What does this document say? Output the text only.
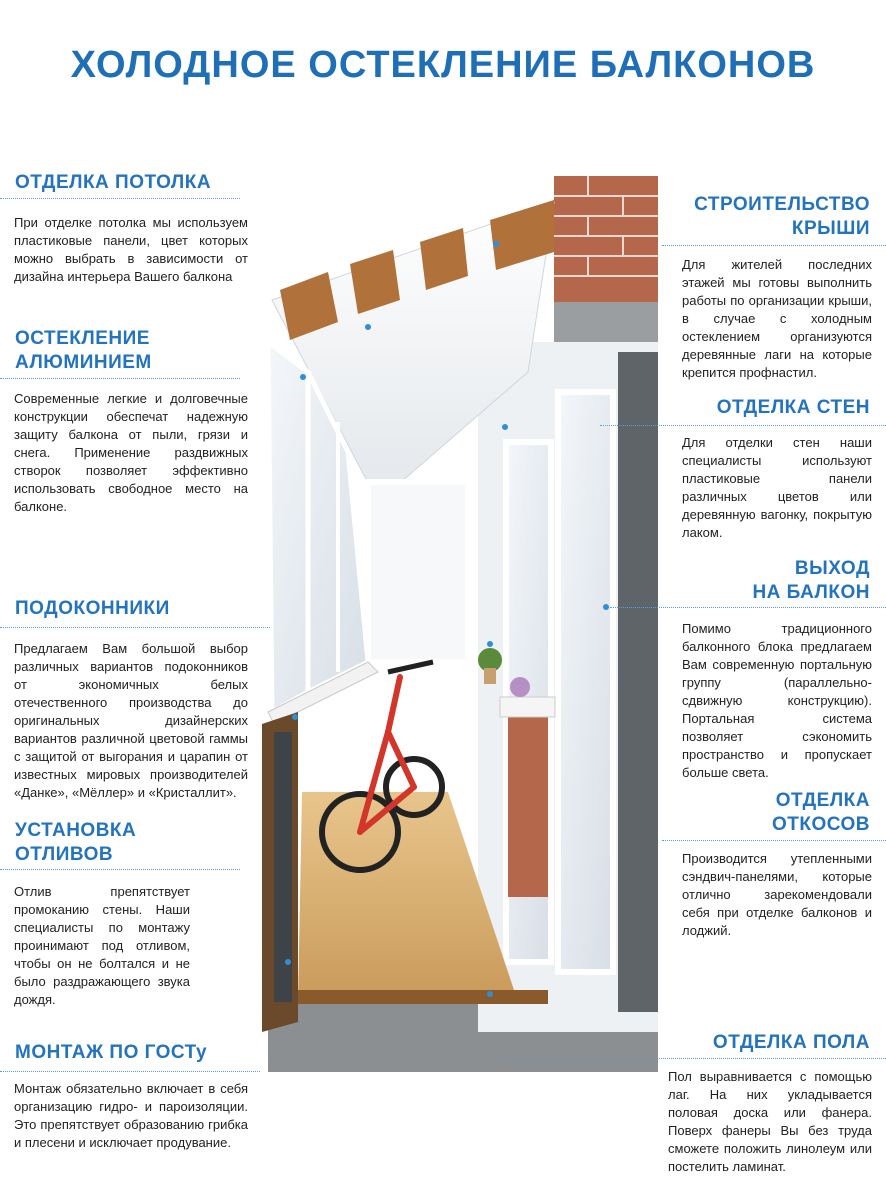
ХОЛОДНОЕ ОСТЕКЛЕНИЕ БАЛКОНОВ
ОТДЕЛКА ПОТОЛКА
При отделке потолка мы используем пластиковые панели, цвет которых можно выбрать в зависимости от дизайна интерьера Вашего балкона
ОСТЕКЛЕНИЕ
АЛЮМИНИЕМ
Современные легкие и долговечные конструкции обеспечат надежную защиту балкона от пыли, грязи и снега. Применение раздвижных створок позволяет эффективно использовать свободное место на балконе.
ПОДОКОННИКИ
Предлагаем Вам большой выбор различных вариантов подоконников от экономичных белых отечественного производства до оригинальных дизайнерских вариантов различной цветовой гаммы с защитой от выгорания и царапин от известных мировых производителей «Данке», «Мёллер» и «Кристаллит».
УСТАНОВКА
ОТЛИВОВ
Отлив препятствует промоканию стены. Наши специалисты по монтажу проинимают под отливом, чтобы он не болтался и не было раздражающего звука дождя.
МОНТАЖ ПО ГОСТу
Монтаж обязательно включает в себя организацию гидро- и пароизоляции. Это препятствует образованию грибка и плесени и исключает продувание.
СТРОИТЕЛЬСТВО
КРЫШИ
Для жителей последних этажей мы готовы выполнить работы по организации крыши, в случае с холодным остеклением организуются деревянные лаги на которые крепится профнастил.
ОТДЕЛКА СТЕН
Для отделки стен наши специалисты используют пластиковые панели различных цветов или деревянную вагонку, покрытую лаком.
ВЫХОД
НА БАЛКОН
Помимо традиционного балконного блока предлагаем Вам современную портальную группу (параллельно-сдвижную конструкцию). Портальная система позволяет сэкономить пространство и пропускает больше света.
ОТДЕЛКА
ОТКОСОВ
Производится утепленными сэндвич-панелями, которые отлично зарекомендовали себя при отделке балконов и лоджий.
ОТДЕЛКА ПОЛА
Пол выравнивается с помощью лаг. На них укладывается половая доска или фанера. Поверх фанеры Вы без труда сможете положить линолеум или постелить ламинат.
